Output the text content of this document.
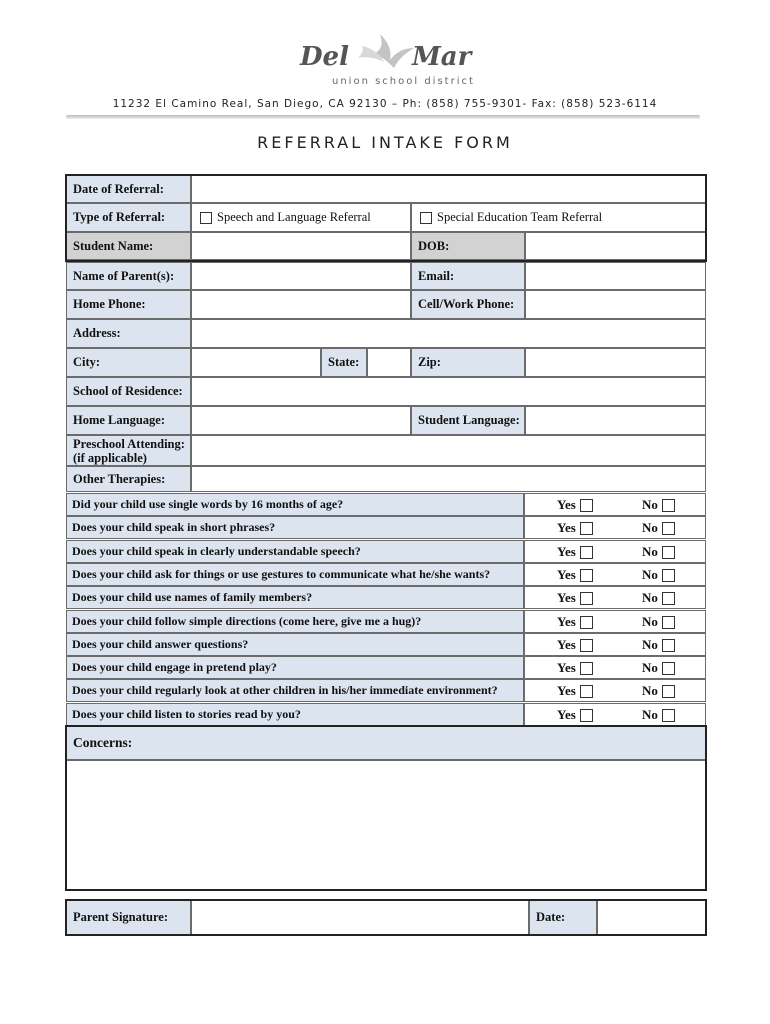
Del Mar
union school district
11232 El Camino Real, San Diego, CA 92130 – Ph: (858) 755-9301- Fax: (858) 523-6114
REFERRAL INTAKE FORM
Date of Referral:
Type of Referral:	Speech and Language Referral	Special Education Team Referral
Student Name:	DOB:
Name of Parent(s):	Email:
Home Phone:	Cell/Work Phone:
Address:
City:	State:	Zip:
School of Residence:
Home Language:	Student Language:
Preschool Attending:
(if applicable)
Other Therapies:
Did your child use single words by 16 months of age?	Yes	No
Does your child speak in short phrases?	Yes	No
Does your child speak in clearly understandable speech?	Yes	No
Does your child ask for things or use gestures to communicate what he/she wants?	Yes	No
Does your child use names of family members?	Yes	No
Does your child follow simple directions (come here, give me a hug)?	Yes	No
Does your child answer questions?	Yes	No
Does your child engage in pretend play?	Yes	No
Does your child regularly look at other children in his/her immediate environment?	Yes	No
Does your child listen to stories read by you?	Yes	No
Concerns:
Parent Signature:	Date:
